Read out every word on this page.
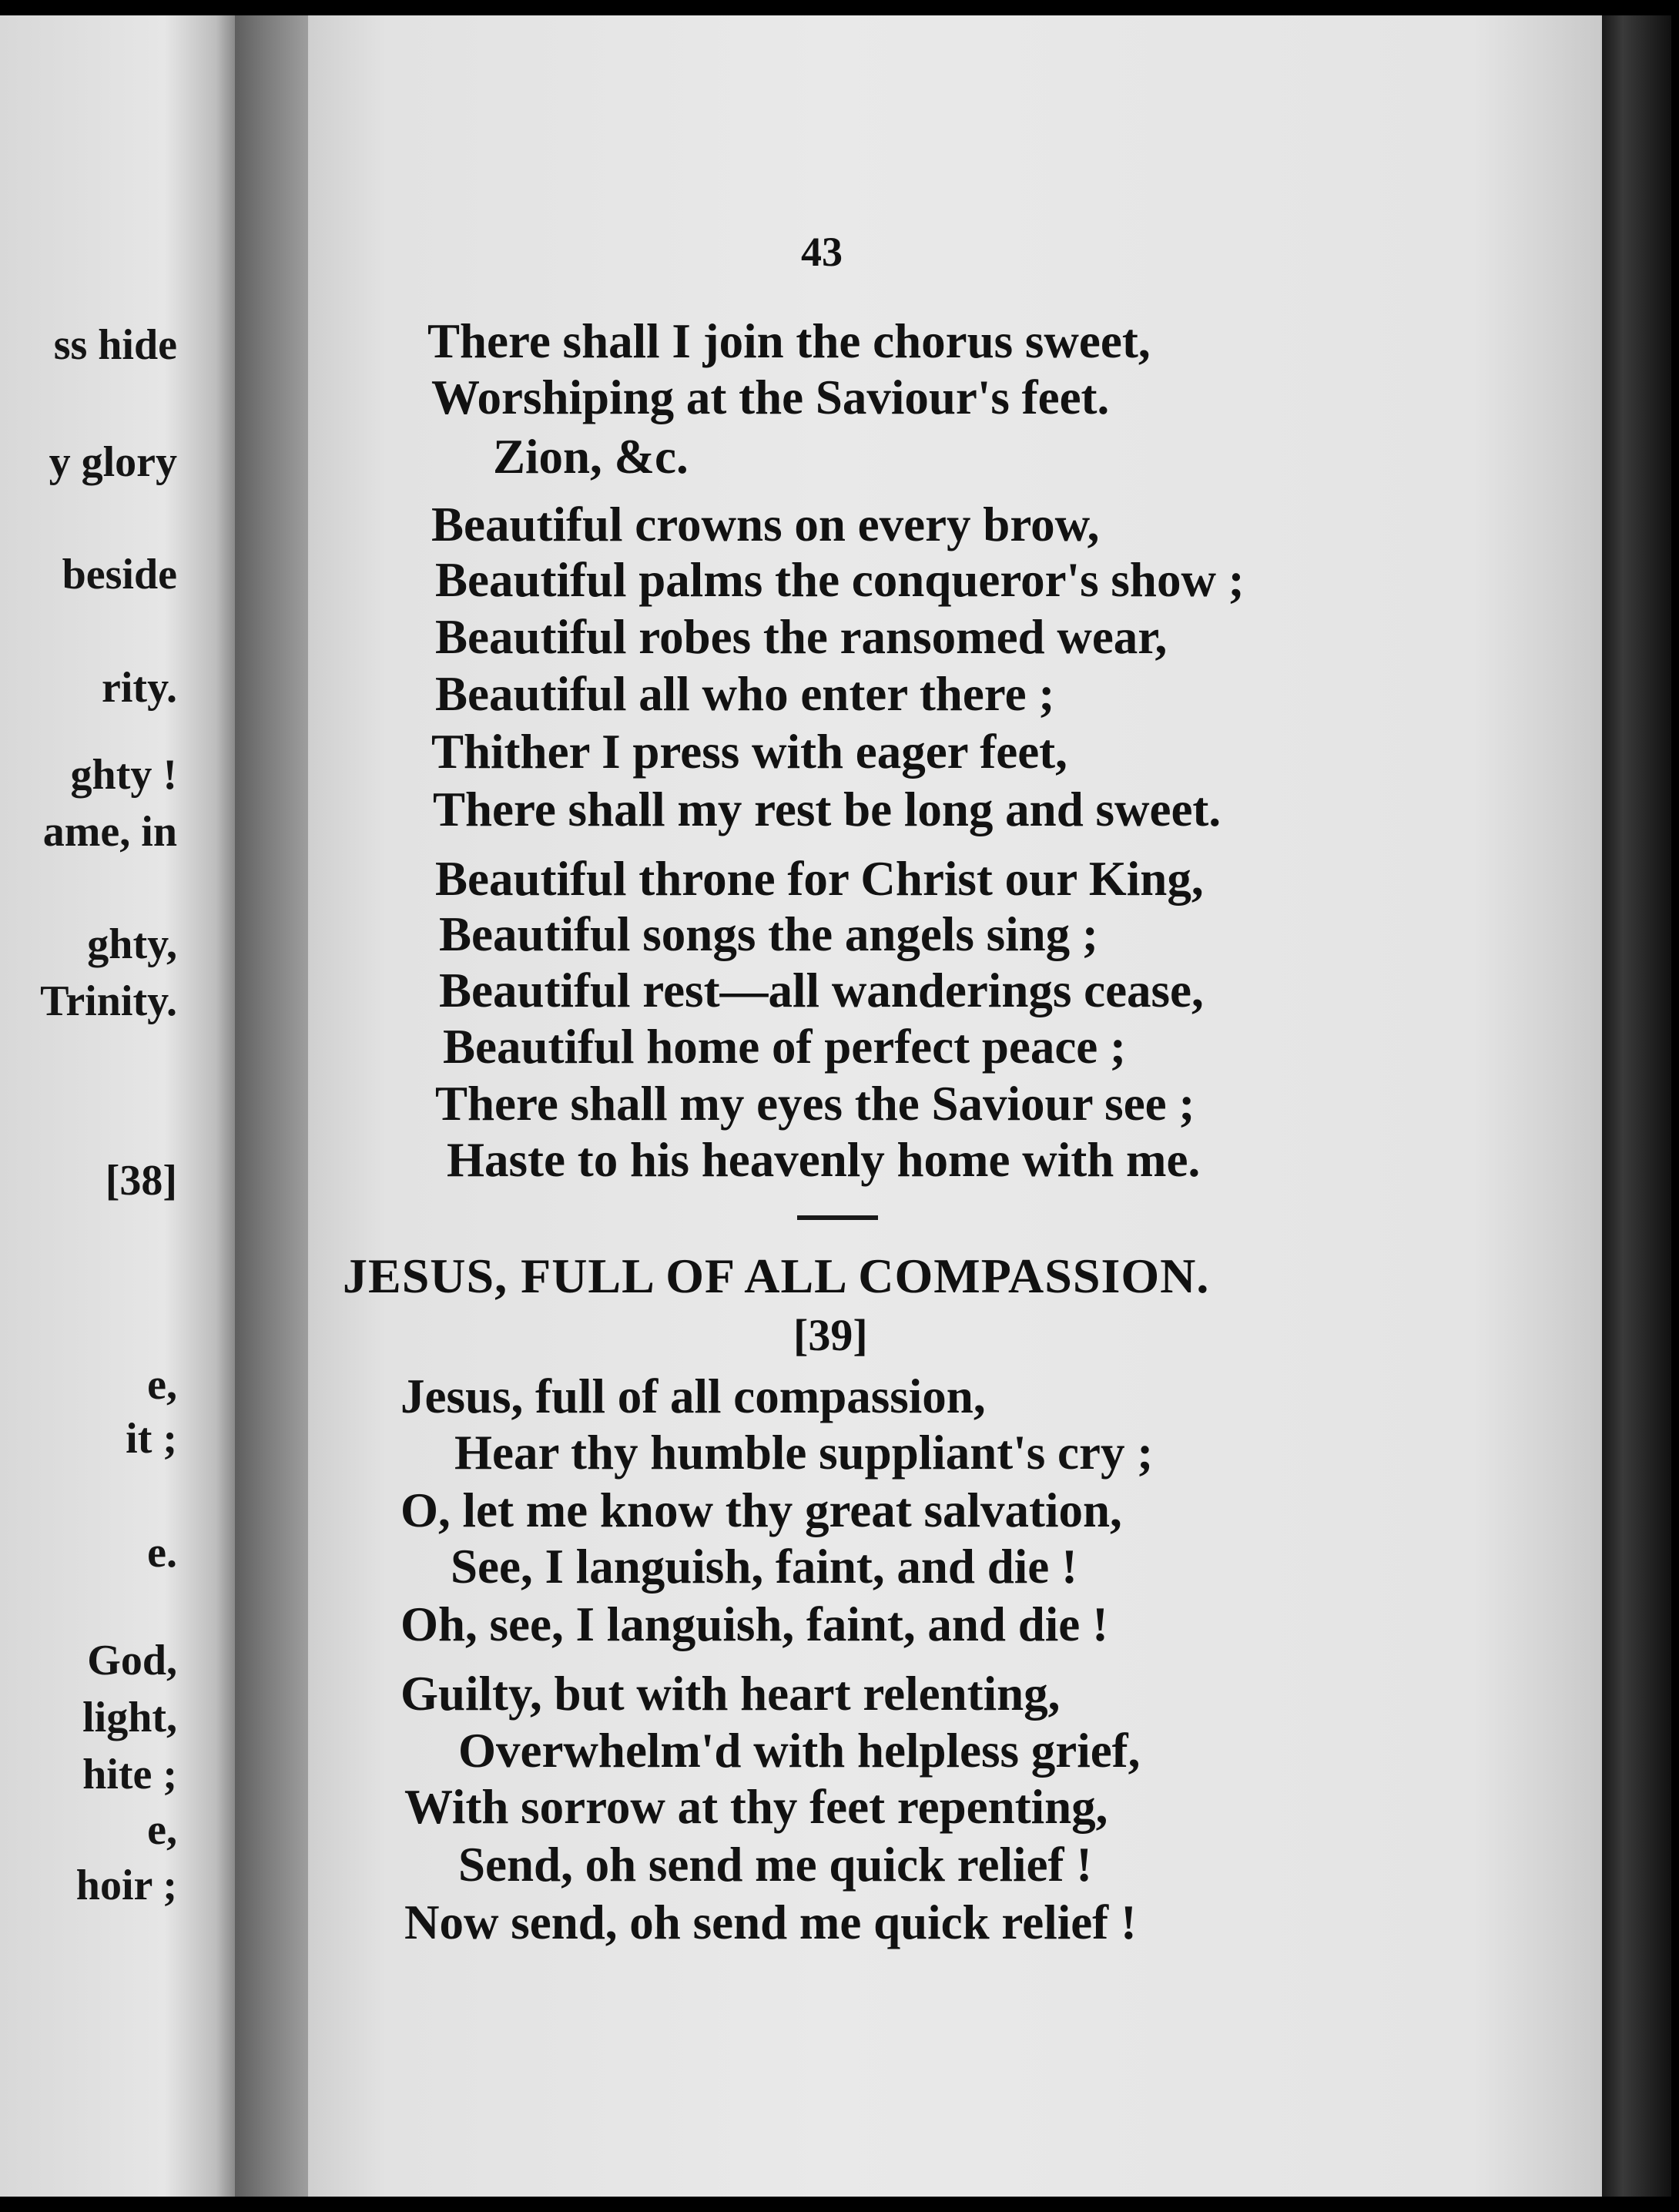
ss hide
y glory
beside
rity.
ghty !
ame, in
ghty,
Trinity.
[38]
e,
it ;
e.
God,
light,
hite ;
e,
hoir ;
43
There shall I join the chorus sweet,
Worshiping at the Saviour's feet.
Zion, &c.
Beautiful crowns on every brow,
Beautiful palms the conqueror's show ;
Beautiful robes the ransomed wear,
Beautiful all who enter there ;
Thither I press with eager feet,
There shall my rest be long and sweet.
Beautiful throne for Christ our King,
Beautiful songs the angels sing ;
Beautiful rest—all wanderings cease,
Beautiful home of perfect peace ;
There shall my eyes the Saviour see ;
Haste to his heavenly home with me.
JESUS, FULL OF ALL COMPASSION.
[39]
Jesus, full of all compassion,
Hear thy humble suppliant's cry ;
O, let me know thy great salvation,
See, I languish, faint, and die !
Oh, see, I languish, faint, and die !
Guilty, but with heart relenting,
Overwhelm'd with helpless grief,
With sorrow at thy feet repenting,
Send, oh send me quick relief !
Now send, oh send me quick relief !
